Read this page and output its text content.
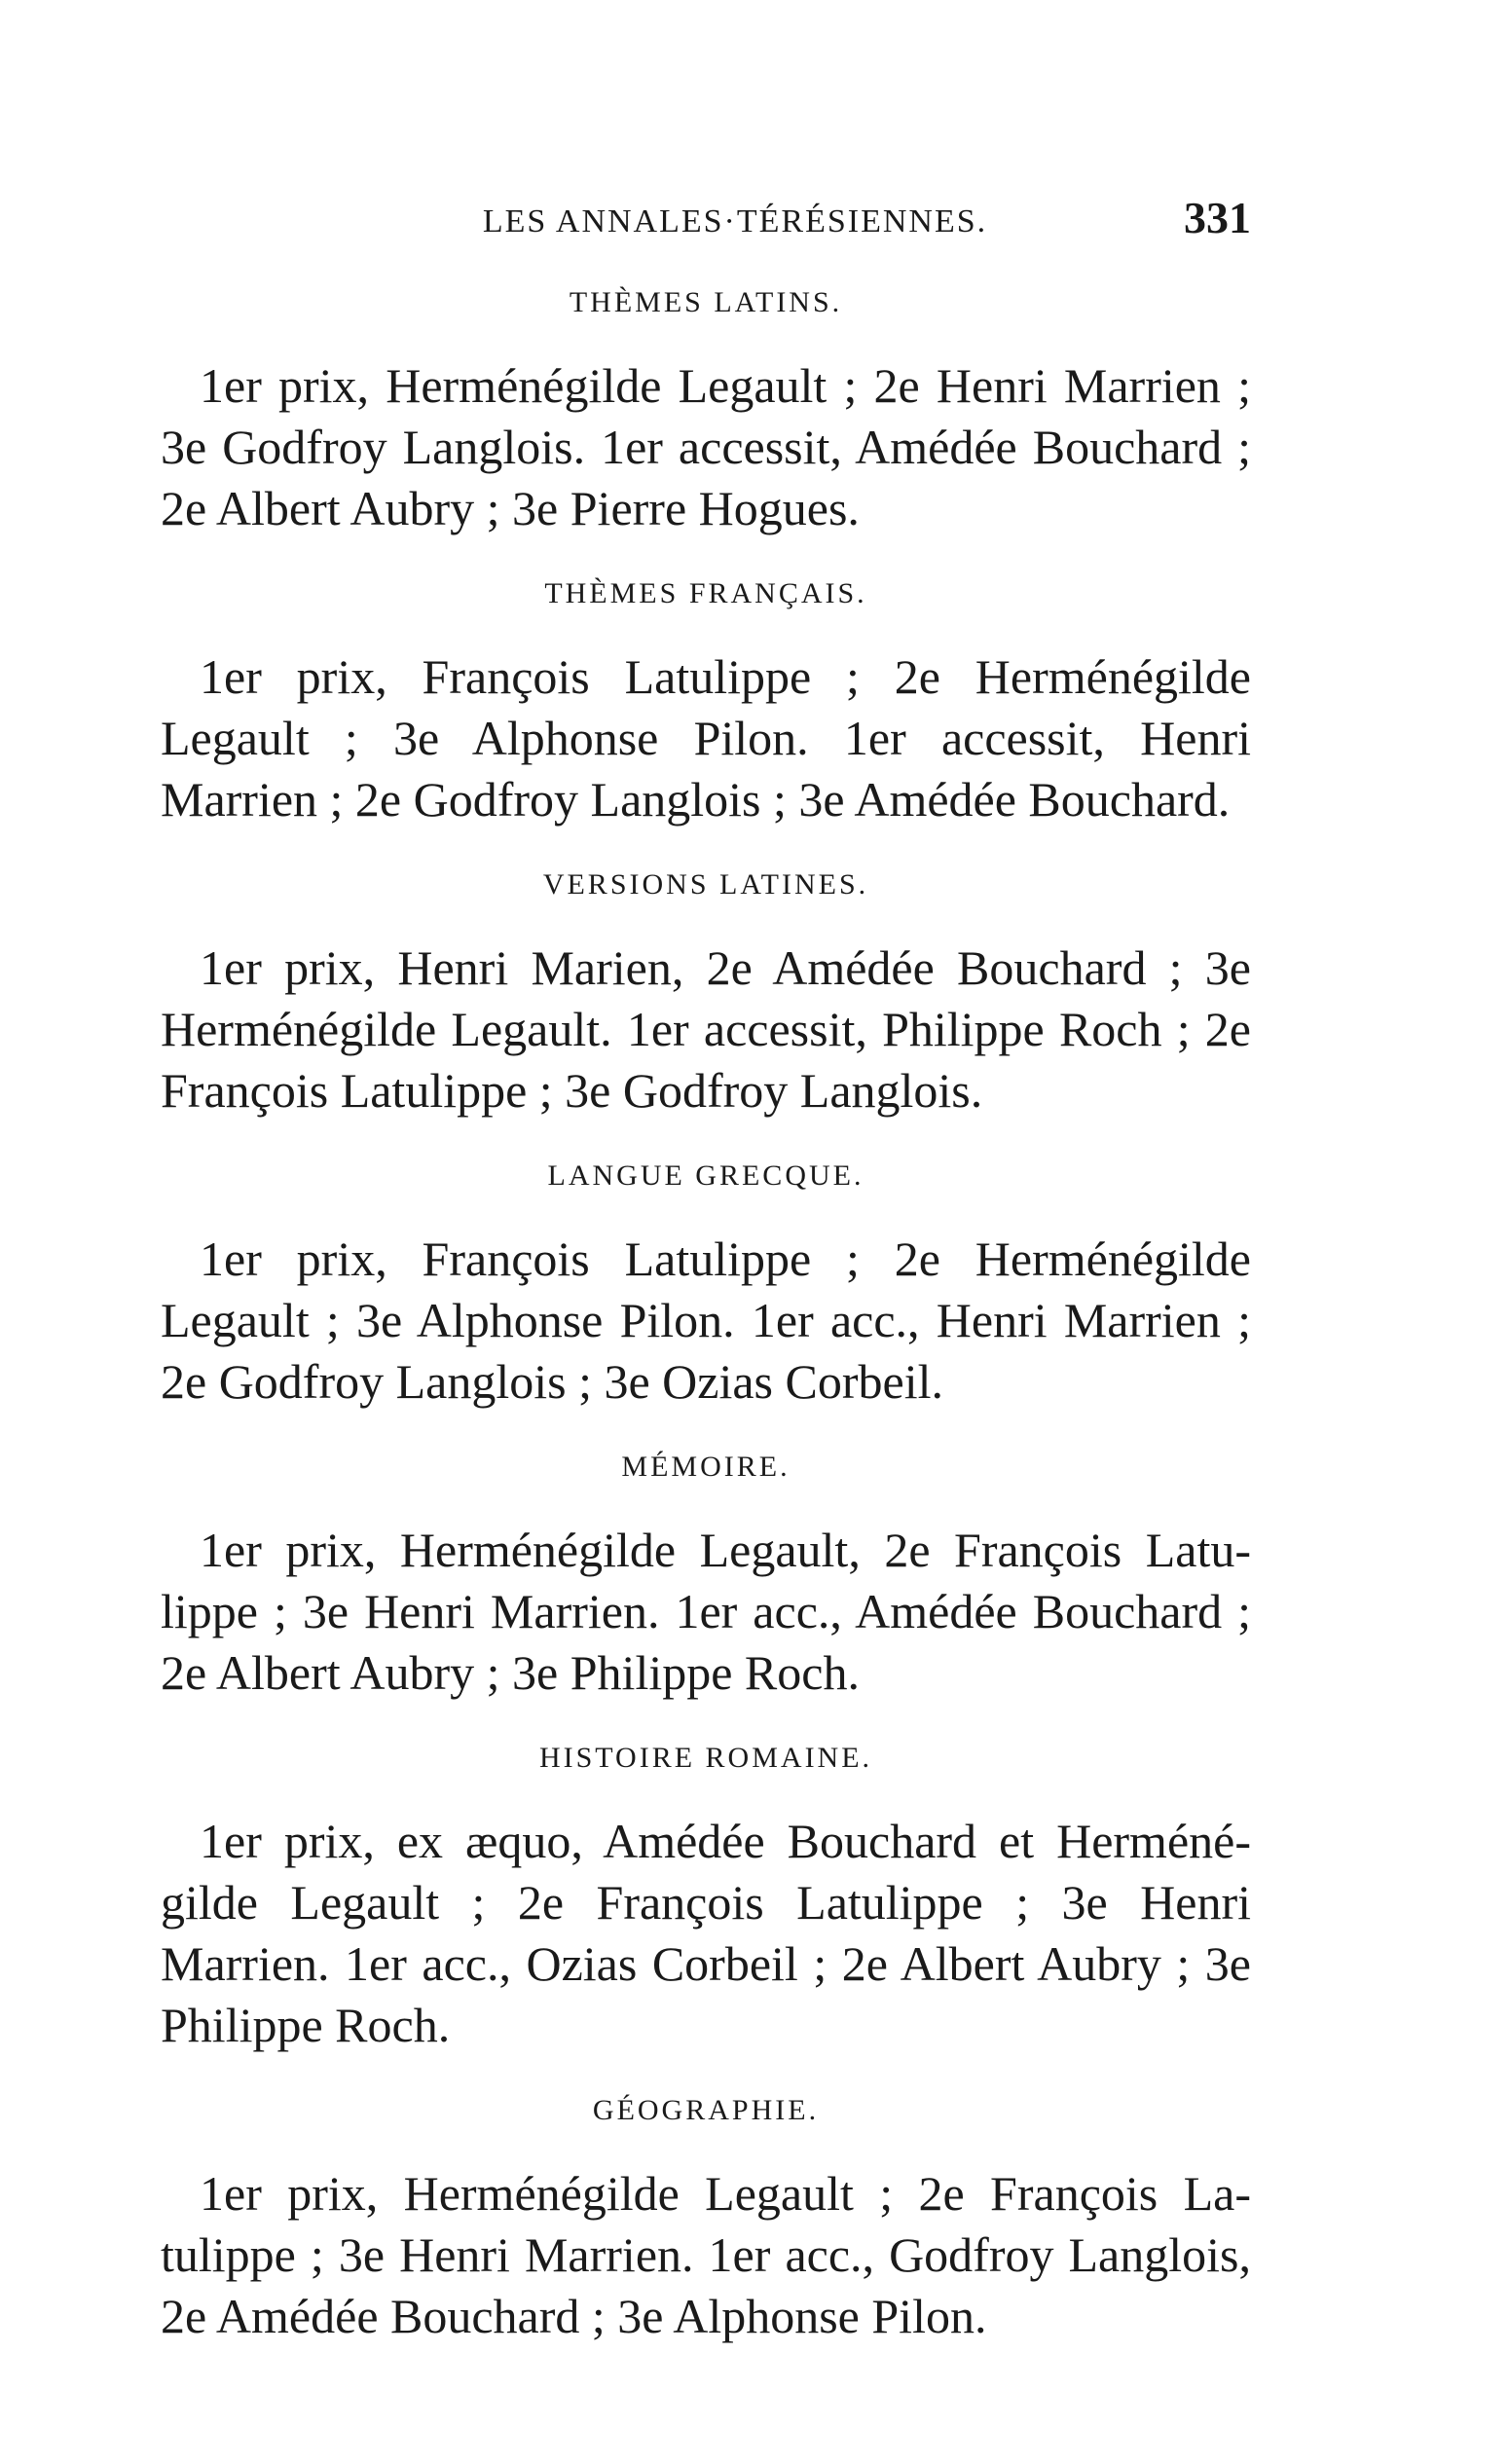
LES ANNALES·TÉRÉSIENNES.	331
THÈMES LATINS.

1er prix, Herménégilde Legault ; 2e Henri Marrien ; 3e Godfroy Langlois. 1er accessit, Amédée Bouchard ; 2e Albert Aubry ; 3e Pierre Hogues.

THÈMES FRANÇAIS.

1er prix, François Latulippe ; 2e Herménégilde Legault ; 3e Alphonse Pilon. 1er accessit, Henri Marrien ; 2e Godfroy Langlois ; 3e Amédée Bouchard.

VERSIONS LATINES.

1er prix, Henri Marien, 2e Amédée Bouchard ; 3e Herménégilde Legault. 1er accessit, Philippe Roch ; 2e François Latulippe ; 3e Godfroy Langlois.

LANGUE GRECQUE.

1er prix, François Latulippe ; 2e Herménégilde Legault ; 3e Alphonse Pilon. 1er acc., Henri Marrien ; 2e Godfroy Langlois ; 3e Ozias Corbeil.

MÉMOIRE.

1er prix, Herménégilde Legault, 2e François Latulippe ; 3e Henri Marrien. 1er acc., Amédée Bouchard ; 2e Albert Aubry ; 3e Philippe Roch.

HISTOIRE ROMAINE.

1er prix, ex æquo, Amédée Bouchard et Herménégilde Legault ; 2e François Latulippe ; 3e Henri Marrien. 1er acc., Ozias Corbeil ; 2e Albert Aubry ; 3e Philippe Roch.

GÉOGRAPHIE.

1er prix, Herménégilde Legault ; 2e François Latulippe ; 3e Henri Marrien. 1er acc., Godfroy Langlois, 2e Amédée Bouchard ; 3e Alphonse Pilon.
